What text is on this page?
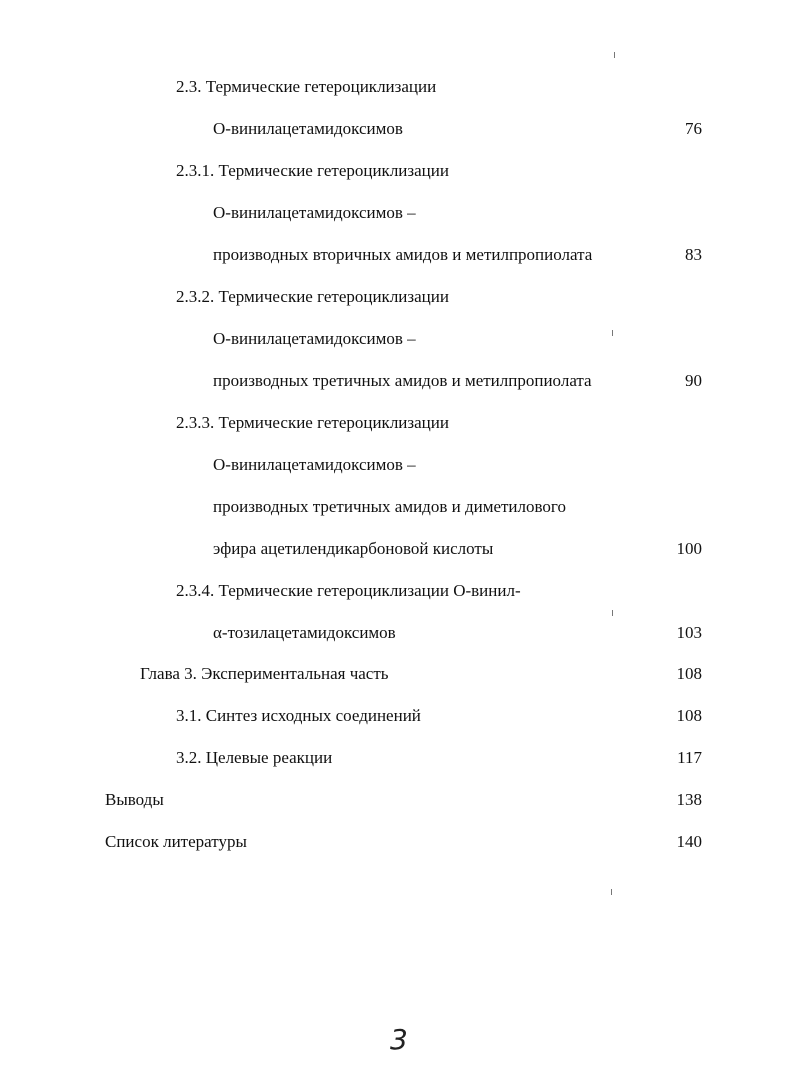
2.3. Термические гетероциклизации
О-винилацетамидоксимов	76
2.3.1. Термические гетероциклизации
О-винилацетамидоксимов –
производных вторичных амидов и метилпропиолата	83
2.3.2. Термические гетероциклизации
О-винилацетамидоксимов –
производных третичных амидов и метилпропиолата	90
2.3.3. Термические гетероциклизации
О-винилацетамидоксимов –
производных третичных амидов и диметилового
эфира ацетилендикарбоновой кислоты	100
2.3.4. Термические гетероциклизации О-винил-
α-тозилацетамидоксимов	103
Глава 3. Экспериментальная часть	108
3.1. Синтез исходных соединений	108
3.2. Целевые реакции	117
Выводы	138
Список литературы	140
3
